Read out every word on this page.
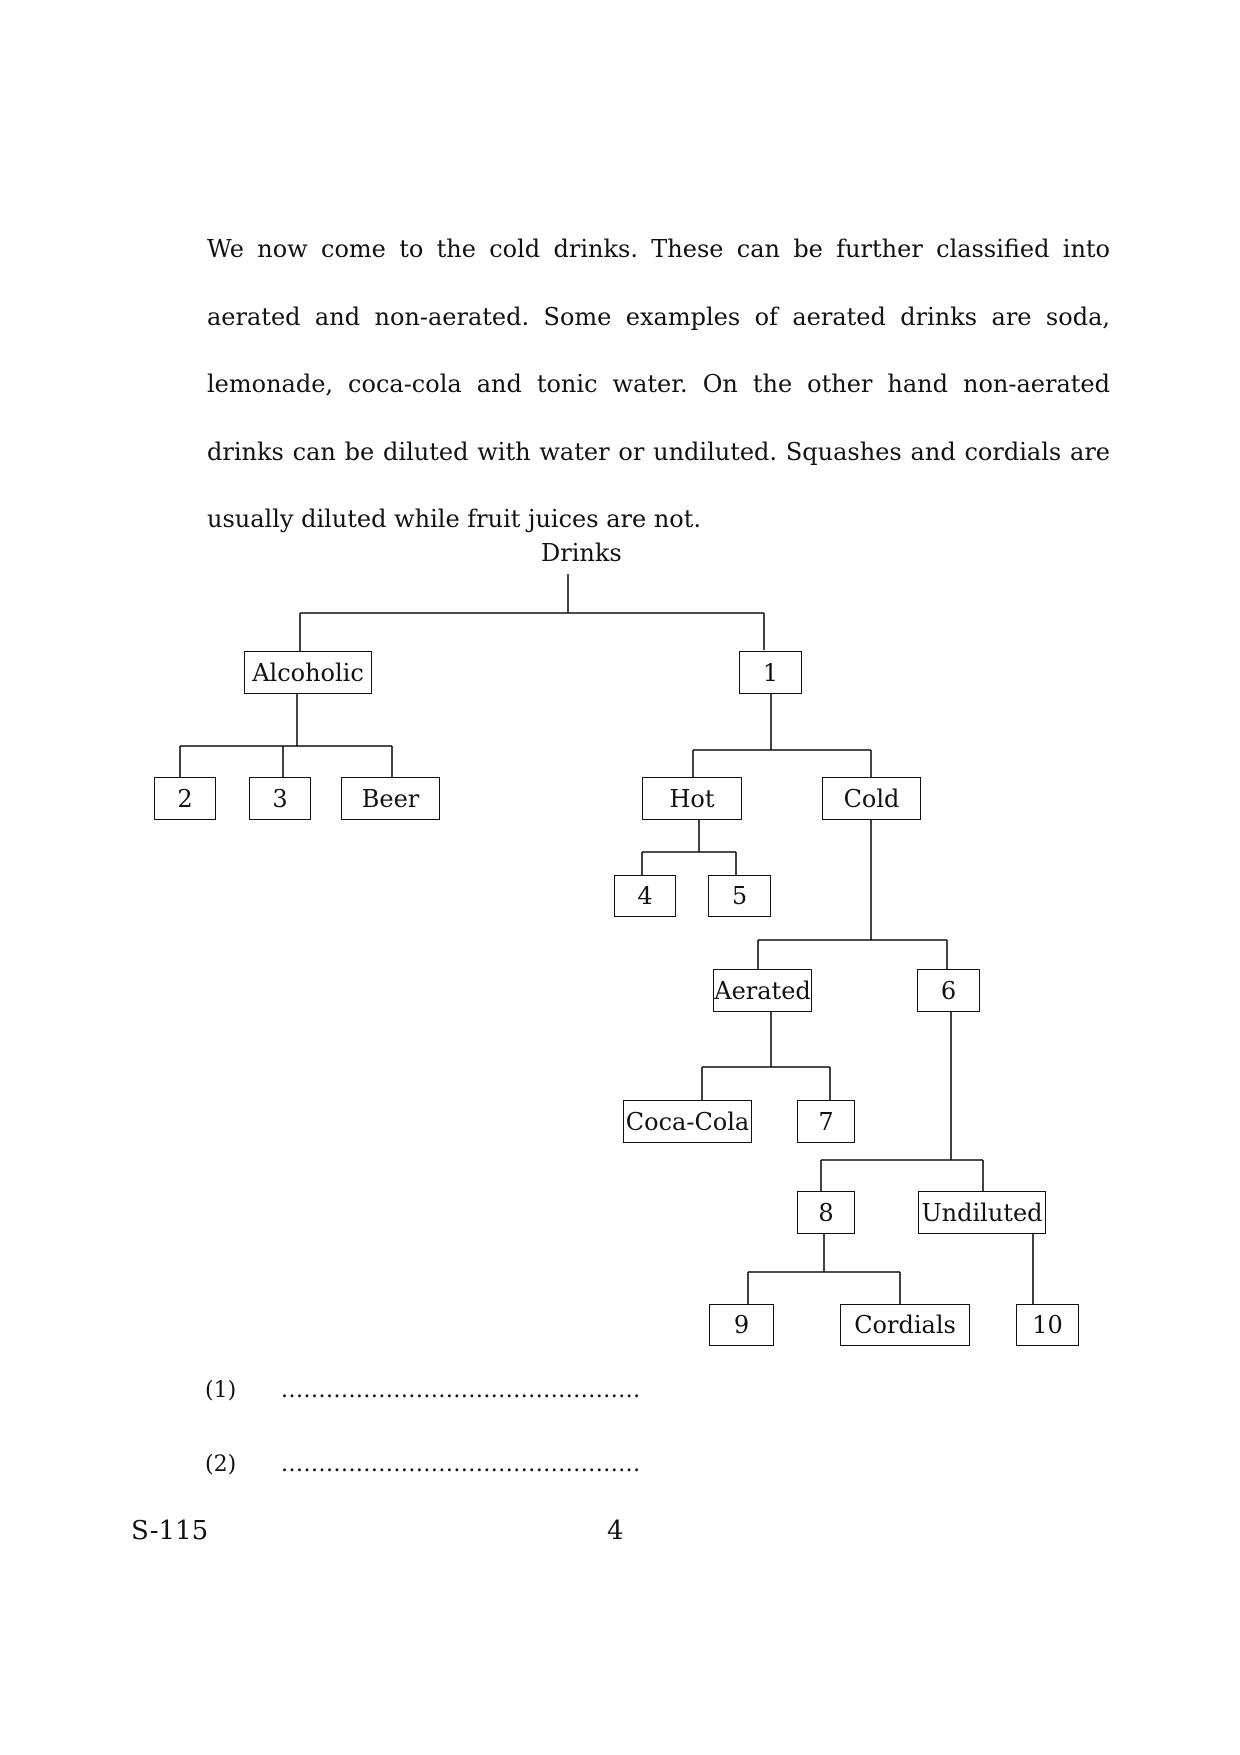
We now come to the cold drinks. These can be further classified into aerated and non-aerated. Some examples of aerated drinks are soda, lemonade, coca-cola and tonic water. On the other hand non-aerated drinks can be diluted with water or undiluted. Squashes and cordials are usually diluted while fruit juices are not.

Drinks
Alcoholic	1
2	3	Beer	Hot	Cold
4	5
Aerated	6
Coca-Cola	7
8	Undiluted
9	Cordials	10
(1) ................................................
(2) ................................................
S-115	4
